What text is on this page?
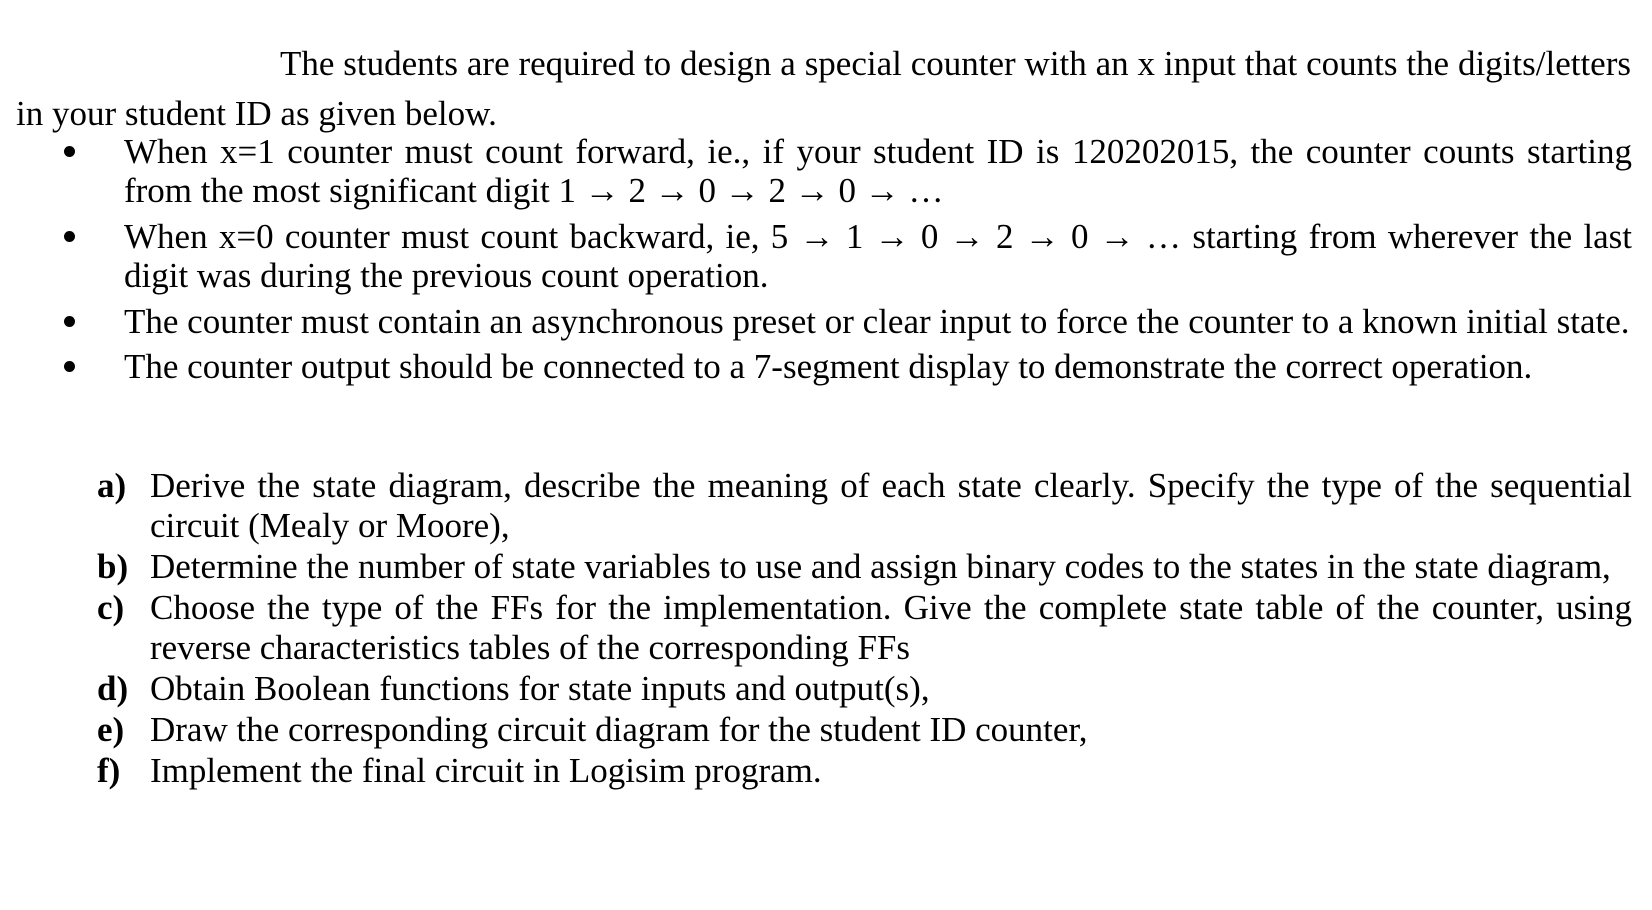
The students are required to design a special counter with an x input that counts the digits/letters in your student ID as given below.

When x=1 counter must count forward, ie., if your student ID is 120202015, the counter counts starting from the most significant digit 1 → 2 → 0 → 2 → 0 → …
When x=0 counter must count backward, ie, 5 → 1 → 0 → 2 → 0 → … starting from wherever the last digit was during the previous count operation.
The counter must contain an asynchronous preset or clear input to force the counter to a known initial state.
The counter output should be connected to a 7-segment display to demonstrate the correct operation.
a) Derive the state diagram, describe the meaning of each state clearly. Specify the type of the sequential circuit (Mealy or Moore),
b) Determine the number of state variables to use and assign binary codes to the states in the state diagram,
c) Choose the type of the FFs for the implementation. Give the complete state table of the counter, using reverse characteristics tables of the corresponding FFs
d) Obtain Boolean functions for state inputs and output(s),
e) Draw the corresponding circuit diagram for the student ID counter,
f) Implement the final circuit in Logisim program.
